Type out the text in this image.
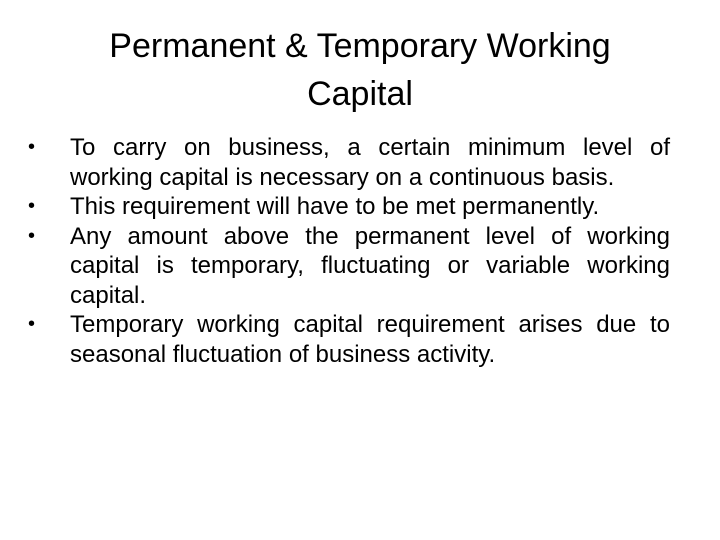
Permanent & Temporary Working
Capital
•	To carry on business, a certain minimum level of working capital is necessary on a continuous basis.
•	This requirement will have to be met permanently.
•	Any amount above the permanent level of working capital is temporary, fluctuating or variable working capital.
•	Temporary working capital requirement arises due to seasonal fluctuation of business activity.
